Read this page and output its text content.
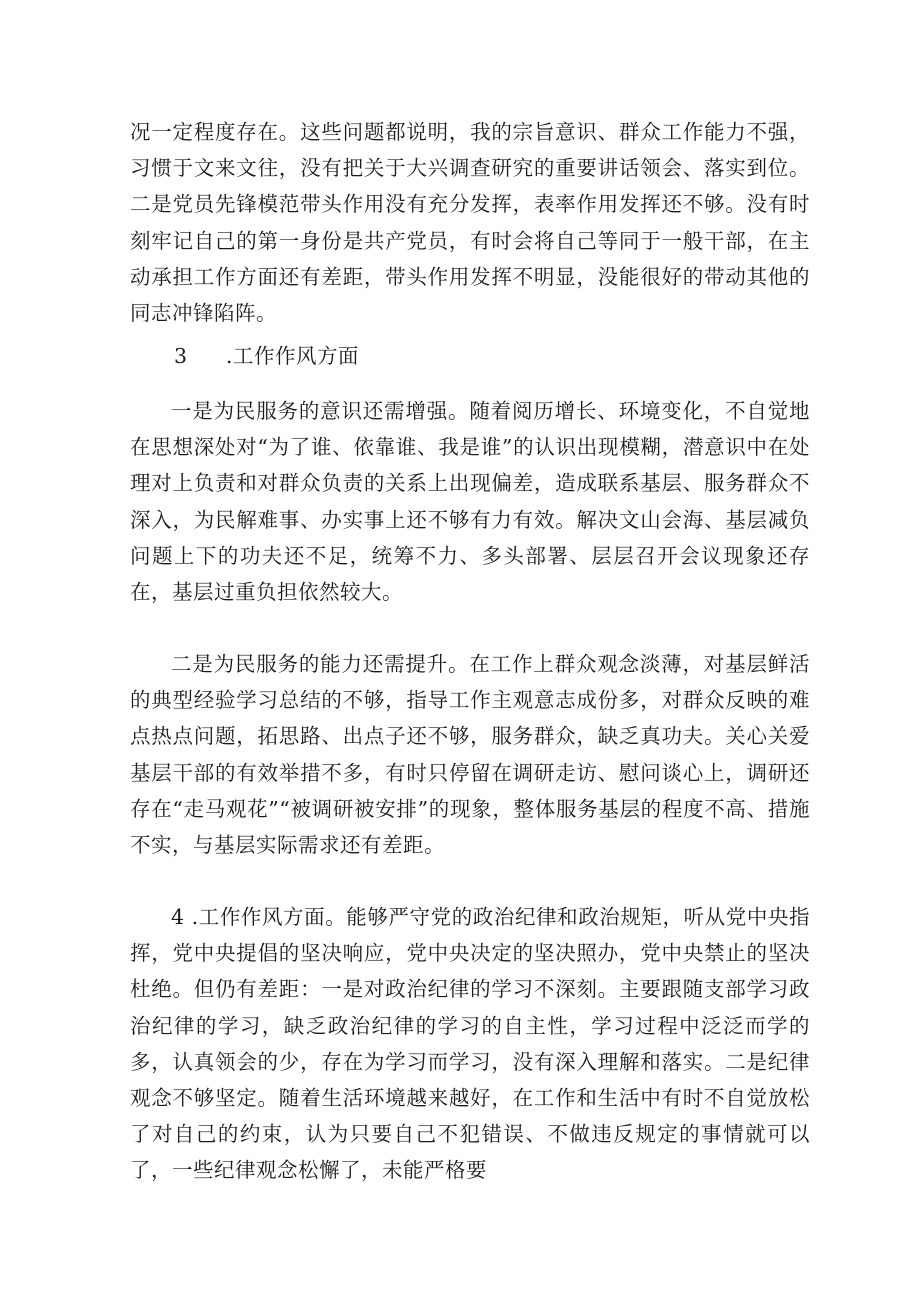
况一定程度存在。这些问题都说明，我的宗旨意识、群众工作能力不强，习惯于文来文往，没有把关于大兴调查研究的重要讲话领会、落实到位。二是党员先锋模范带头作用没有充分发挥，表率作用发挥还不够。没有时刻牢记自己的第一身份是共产党员，有时会将自己等同于一般干部，在主动承担工作方面还有差距，带头作用发挥不明显，没能很好的带动其他的同志冲锋陷阵。

3 .工作作风方面

一是为民服务的意识还需增强。随着阅历增长、环境变化，不自觉地在思想深处对“为了谁、依靠谁、我是谁”的认识出现模糊，潜意识中在处理对上负责和对群众负责的关系上出现偏差，造成联系基层、服务群众不深入，为民解难事、办实事上还不够有力有效。解决文山会海、基层减负问题上下的功夫还不足，统筹不力、多头部署、层层召开会议现象还存在，基层过重负担依然较大。

二是为民服务的能力还需提升。在工作上群众观念淡薄，对基层鲜活的典型经验学习总结的不够，指导工作主观意志成份多，对群众反映的难点热点问题，拓思路、出点子还不够，服务群众，缺乏真功夫。关心关爱基层干部的有效举措不多，有时只停留在调研走访、慰问谈心上，调研还存在“走马观花”“被调研被安排”的现象，整体服务基层的程度不高、措施不实，与基层实际需求还有差距。

4 .工作作风方面。能够严守党的政治纪律和政治规矩，听从党中央指挥，党中央提倡的坚决响应，党中央决定的坚决照办，党中央禁止的坚决杜绝。但仍有差距：一是对政治纪律的学习不深刻。主要跟随支部学习政治纪律的学习，缺乏政治纪律的学习的自主性，学习过程中泛泛而学的多，认真领会的少，存在为学习而学习，没有深入理解和落实。二是纪律观念不够坚定。随着生活环境越来越好，在工作和生活中有时不自觉放松了对自己的约束，认为只要自己不犯错误、不做违反规定的事情就可以了，一些纪律观念松懈了，未能严格要
